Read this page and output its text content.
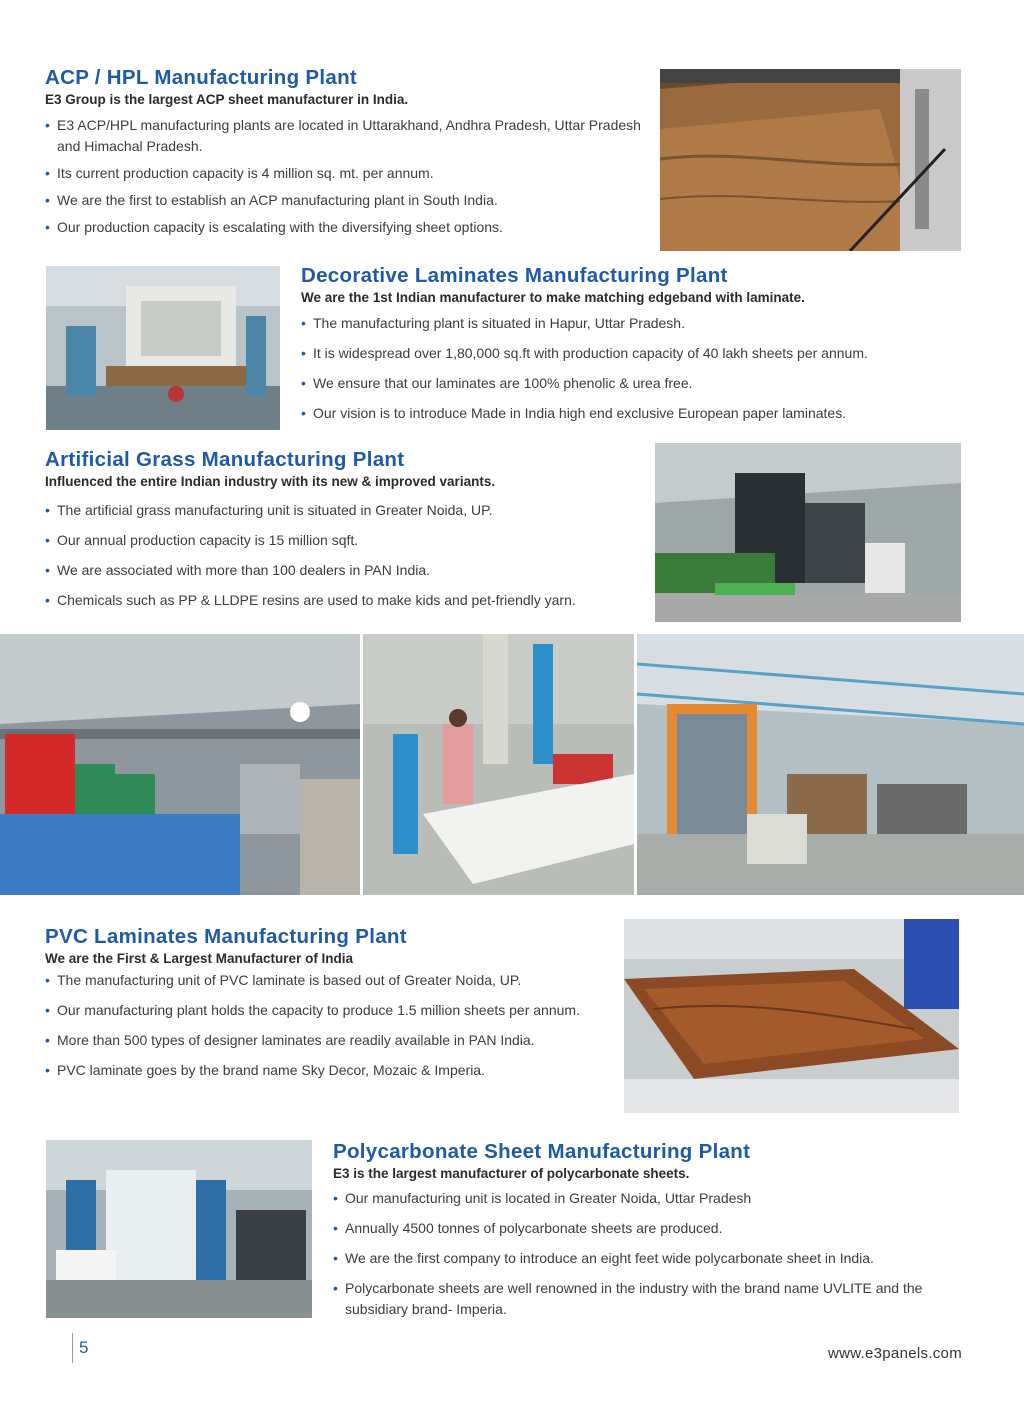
ACP / HPL Manufacturing Plant
E3 Group is the largest ACP sheet manufacturer in India.
• E3 ACP/HPL manufacturing plants are located in Uttarakhand, Andhra Pradesh, Uttar Pradesh and Himachal Pradesh.
• Its current production capacity is 4 million sq. mt. per annum.
• We are the first to establish an ACP manufacturing plant in South India.
• Our production capacity is escalating with the diversifying sheet options.
Decorative Laminates Manufacturing Plant
We are the 1st Indian manufacturer to make matching edgeband with laminate.
• The manufacturing plant is situated in Hapur, Uttar Pradesh.
• It is widespread over 1,80,000 sq.ft with production capacity of 40 lakh sheets per annum.
• We ensure that our laminates are 100% phenolic & urea free.
• Our vision is to introduce Made in India high end exclusive European paper laminates.
Artificial Grass Manufacturing Plant
Influenced the entire Indian industry with its new & improved variants.
• The artificial grass manufacturing unit is situated in Greater Noida, UP.
• Our annual production capacity is 15 million sqft.
• We are associated with more than 100 dealers in PAN India.
• Chemicals such as PP & LLDPE resins are used to make kids and pet-friendly yarn.
PVC Laminates Manufacturing Plant
We are the First & Largest Manufacturer of India
• The manufacturing unit of PVC laminate is based out of Greater Noida, UP.
• Our manufacturing plant holds the capacity to produce 1.5 million sheets per annum.
• More than 500 types of designer laminates are readily available in PAN India.
• PVC laminate goes by the brand name Sky Decor, Mozaic & Imperia.
Polycarbonate Sheet Manufacturing Plant
E3 is the largest manufacturer of polycarbonate sheets.
• Our manufacturing unit is located in Greater Noida, Uttar Pradesh
• Annually 4500 tonnes of polycarbonate sheets are produced.
• We are the first company to introduce an eight feet wide polycarbonate sheet in India.
• Polycarbonate sheets are well renowned in the industry with the brand name UVLITE and the subsidiary brand- Imperia.
5	www.e3panels.com
